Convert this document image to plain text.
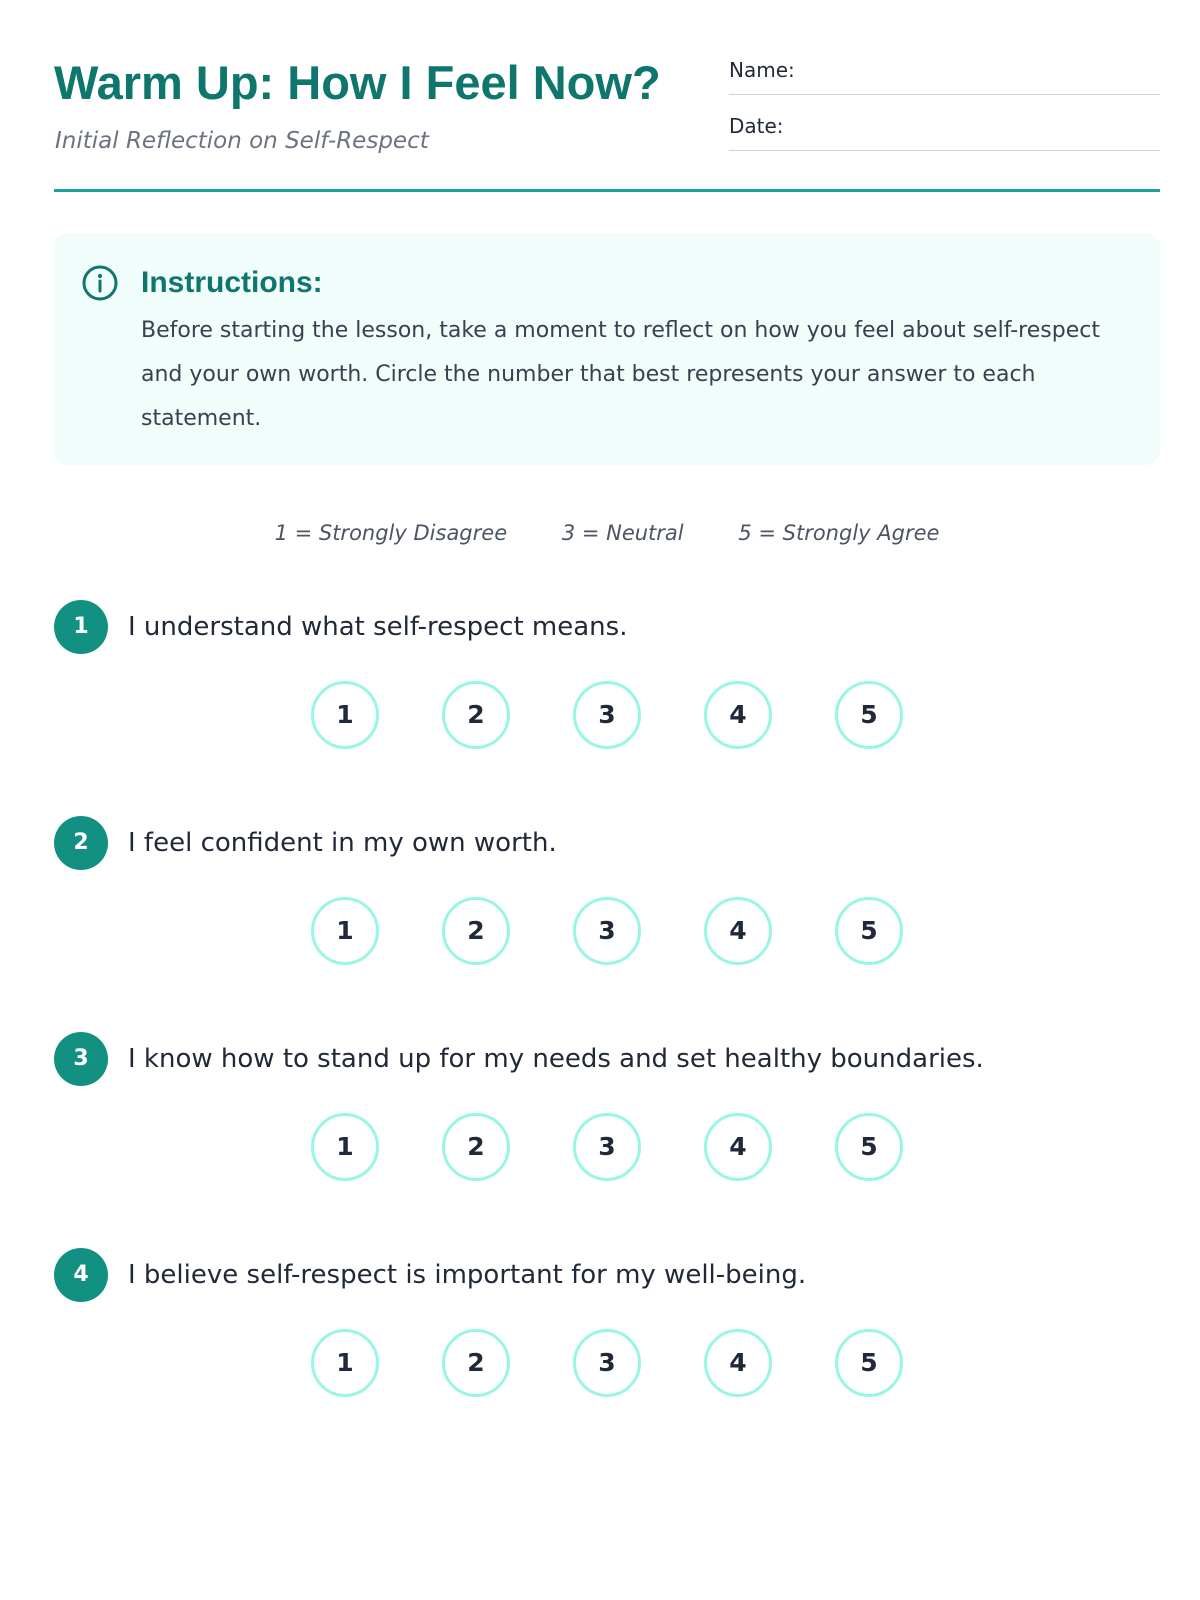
Warm Up: How I Feel Now?
Initial Reflection on Self-Respect
Name:
Date:
Instructions:

Before starting the lesson, take a moment to reflect on how you feel about self-respect and your own worth. Circle the number that best represents your answer to each statement.

1 = Strongly Disagree	3 = Neutral	5 = Strongly Agree
1	I understand what self-respect means.
1	2	3	4	5
2	I feel confident in my own worth.
1	2	3	4	5
3	I know how to stand up for my needs and set healthy boundaries.
1	2	3	4	5
4	I believe self-respect is important for my well-being.
1	2	3	4	5
